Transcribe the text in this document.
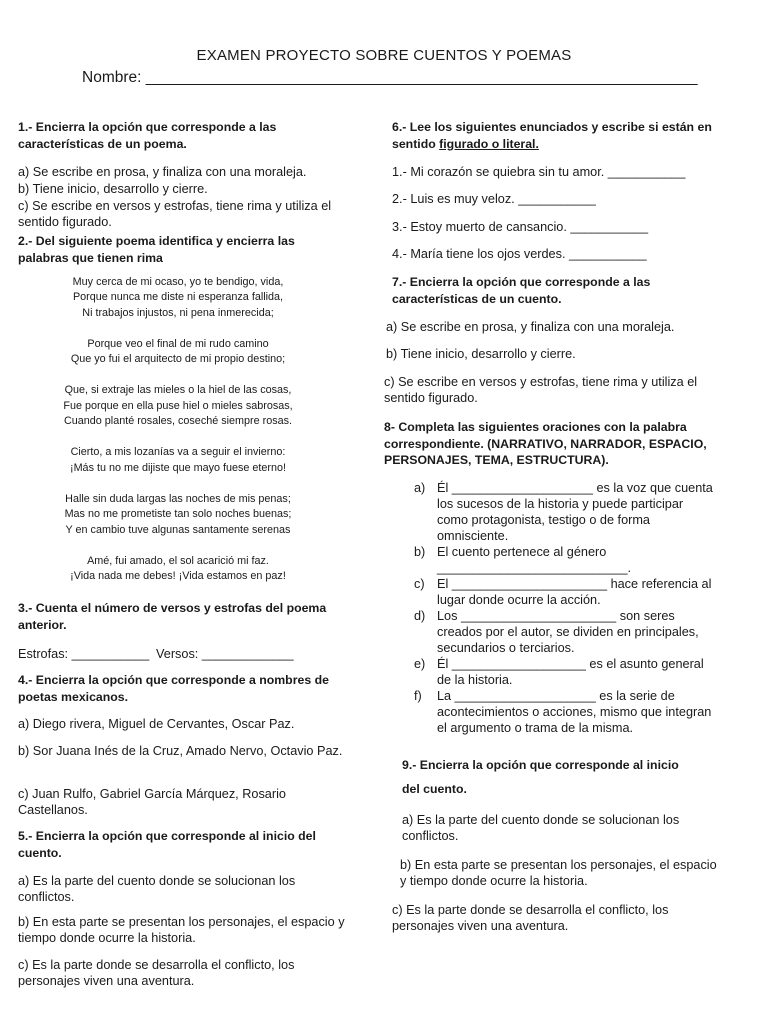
EXAMEN PROYECTO SOBRE CUENTOS Y POEMAS
Nombre: ________________________________________________________________

1.- Encierra la opción que corresponde a las características de un poema.

a) Se escribe en prosa, y finaliza con una moraleja.

b) Tiene inicio, desarrollo y cierre.

c) Se escribe en versos y estrofas, tiene rima y utiliza el sentido figurado.

2.- Del siguiente poema identifica y encierra las palabras que tienen rima

Muy cerca de mi ocaso, yo te bendigo, vida,
Porque nunca me diste ni esperanza fallida,
Ni trabajos injustos, ni pena inmerecida;
Porque veo el final de mi rudo camino
Que yo fui el arquitecto de mi propio destino;
Que, si extraje las mieles o la hiel de las cosas,
Fue porque en ella puse hiel o mieles sabrosas,
Cuando planté rosales, coseché siempre rosas.
Cierto, a mis lozanías va a seguir el invierno:
¡Más tu no me dijiste que mayo fuese eterno!
Halle sin duda largas las noches de mis penas;
Mas no me prometiste tan solo noches buenas;
Y en cambio tuve algunas santamente serenas
Amé, fui amado, el sol acarició mi faz.
¡Vida nada me debes! ¡Vida estamos en paz!

3.- Cuenta el número de versos y estrofas del poema anterior.

Estrofas: ___________ Versos: _____________

4.- Encierra la opción que corresponde a nombres de poetas mexicanos.

a) Diego rivera, Miguel de Cervantes, Oscar Paz.

b) Sor Juana Inés de la Cruz, Amado Nervo, Octavio Paz.

c) Juan Rulfo, Gabriel García Márquez, Rosario Castellanos.

5.- Encierra la opción que corresponde al inicio del cuento.

a) Es la parte del cuento donde se solucionan los conflictos.

b) En esta parte se presentan los personajes, el espacio y tiempo donde ocurre la historia.

c) Es la parte donde se desarrolla el conflicto, los personajes viven una aventura.

6.- Lee los siguientes enunciados y escribe si están en sentido figurado o literal.

1.- Mi corazón se quiebra sin tu amor. ___________

2.- Luis es muy veloz. ___________

3.- Estoy muerto de cansancio. ___________

4.- María tiene los ojos verdes. ___________

7.- Encierra la opción que corresponde a las características de un cuento.

a) Se escribe en prosa, y finaliza con una moraleja.

b) Tiene inicio, desarrollo y cierre.

c) Se escribe en versos y estrofas, tiene rima y utiliza el sentido figurado.

8- Completa las siguientes oraciones con la palabra correspondiente. (NARRATIVO, NARRADOR, ESPACIO, PERSONAJES, TEMA, ESTRUCTURA).

a) Él ____________________ es la voz que cuenta los sucesos de la historia y puede participar como protagonista, testigo o de forma omnisciente.
b) El cuento pertenece al género ___________________________.
c) El ______________________ hace referencia al lugar donde ocurre la acción.
d) Los ______________________ son seres creados por el autor, se dividen en principales, secundarios o terciarios.
e) Él ___________________ es el asunto general de la historia.
f) La ____________________ es la serie de acontecimientos o acciones, mismo que integran el argumento o trama de la misma.

9.- Encierra la opción que corresponde al inicio

del cuento.

a) Es la parte del cuento donde se solucionan los conflictos.

b) En esta parte se presentan los personajes, el espacio y tiempo donde ocurre la historia.

c) Es la parte donde se desarrolla el conflicto, los personajes viven una aventura.
